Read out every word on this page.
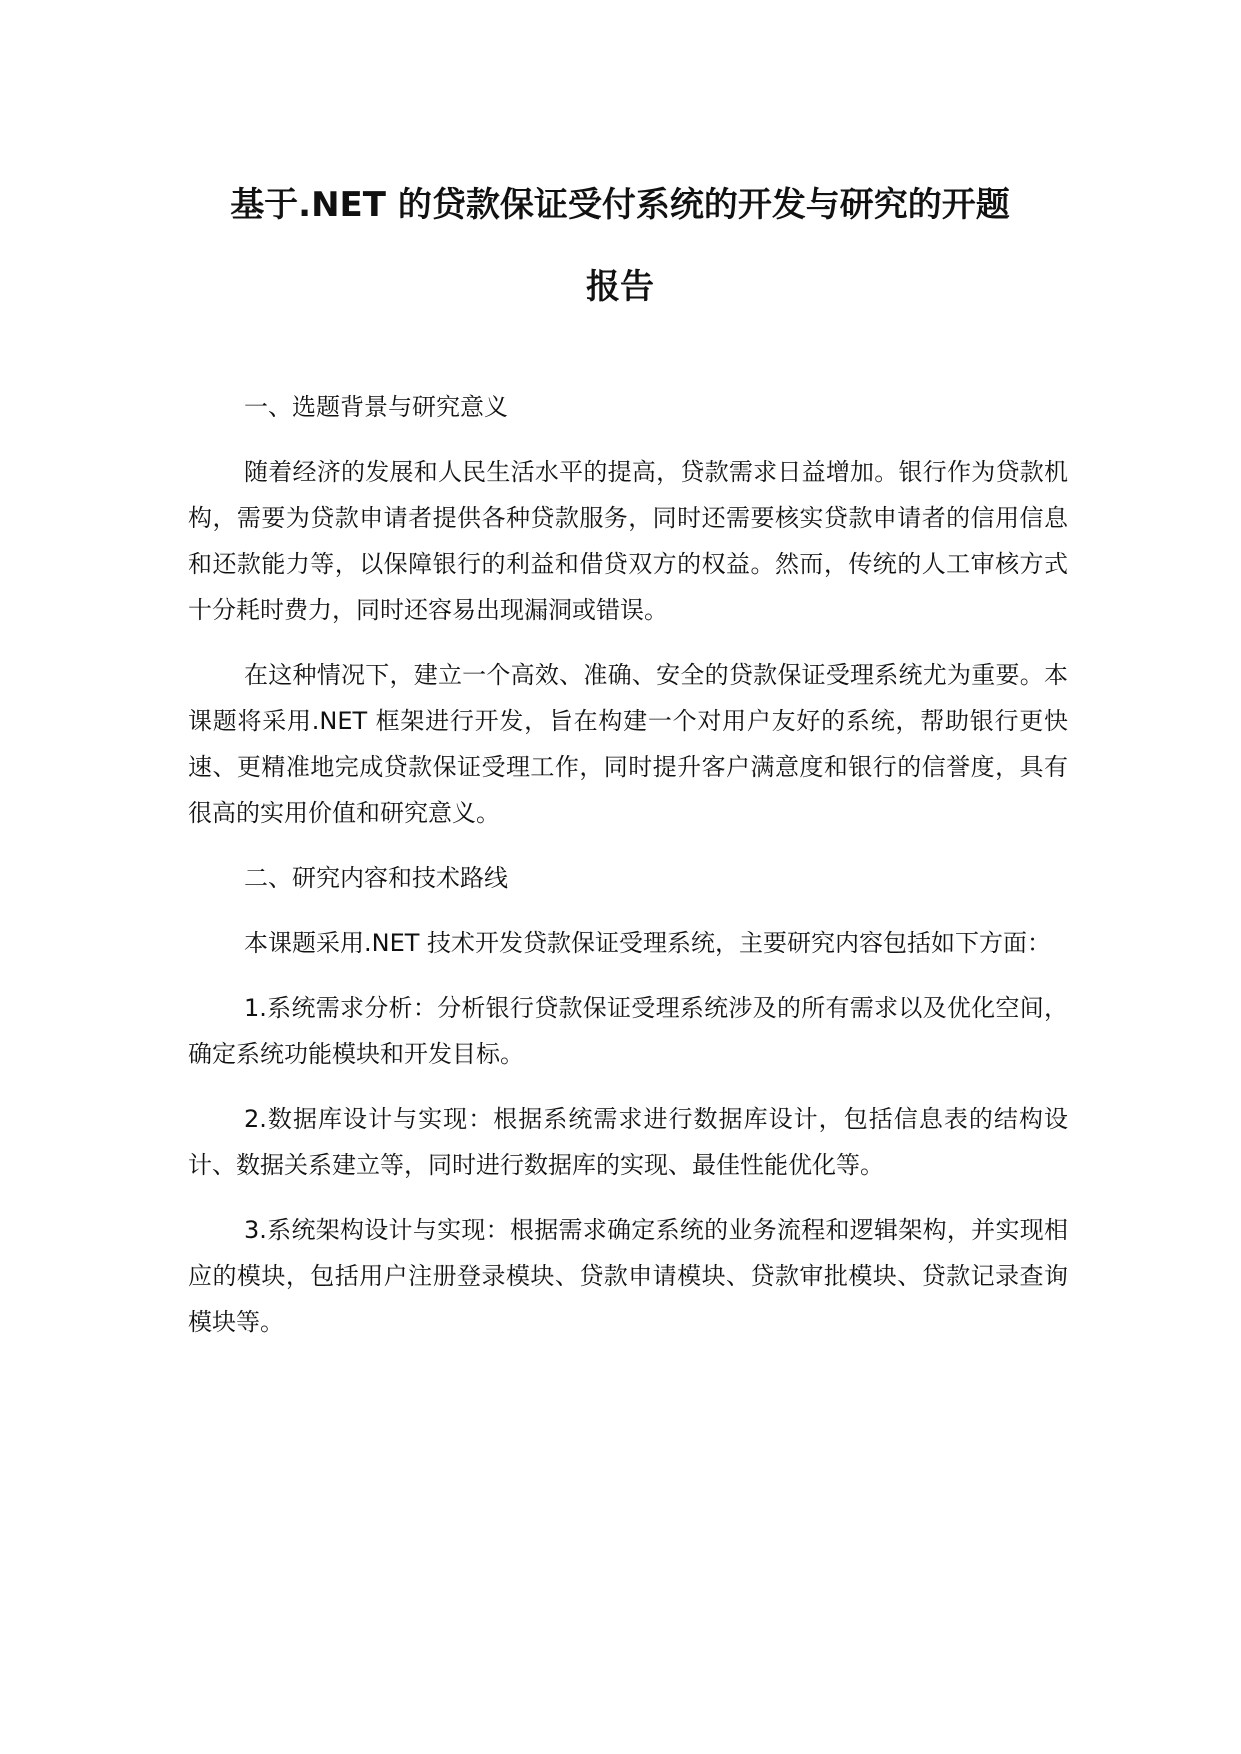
基于.NET 的贷款保证受付系统的开发与研究的开题
报告

一、选题背景与研究意义

随着经济的发展和人民生活水平的提高，贷款需求日益增加。银行作为贷款机构，需要为贷款申请者提供各种贷款服务，同时还需要核实贷款申请者的信用信息和还款能力等，以保障银行的利益和借贷双方的权益。然而，传统的人工审核方式十分耗时费力，同时还容易出现漏洞或错误。

在这种情况下，建立一个高效、准确、安全的贷款保证受理系统尤为重要。本课题将采用.NET 框架进行开发，旨在构建一个对用户友好的系统，帮助银行更快速、更精准地完成贷款保证受理工作，同时提升客户满意度和银行的信誉度，具有很高的实用价值和研究意义。

二、研究内容和技术路线

本课题采用.NET 技术开发贷款保证受理系统，主要研究内容包括如下方面：

1.系统需求分析：分析银行贷款保证受理系统涉及的所有需求以及优化空间，确定系统功能模块和开发目标。

2.数据库设计与实现：根据系统需求进行数据库设计，包括信息表的结构设计、数据关系建立等，同时进行数据库的实现、最佳性能优化等。

3.系统架构设计与实现：根据需求确定系统的业务流程和逻辑架构，并实现相应的模块，包括用户注册登录模块、贷款申请模块、贷款审批模块、贷款记录查询模块等。
